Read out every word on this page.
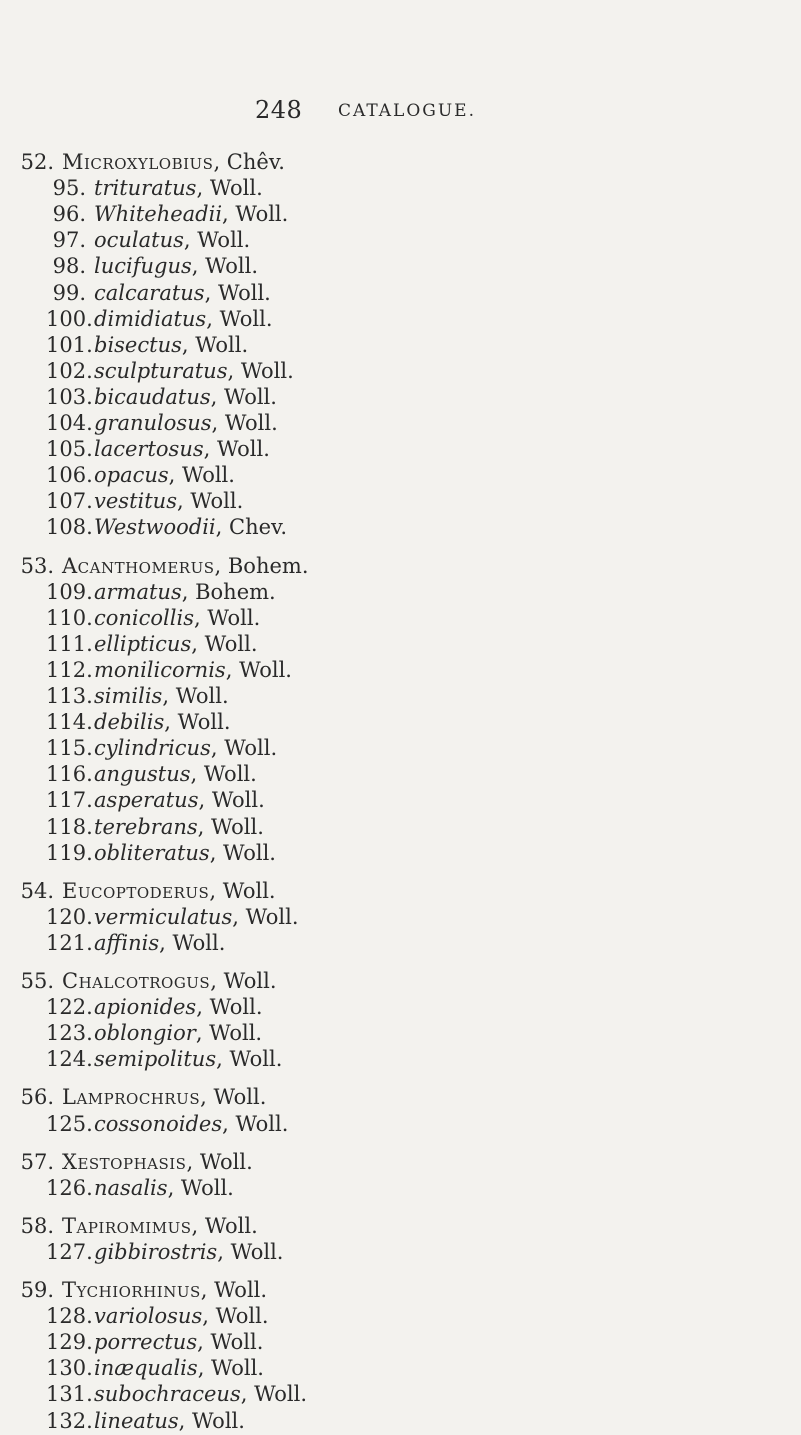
248 CATALOGUE.
52. Microxylobius, Chêv.
95. trituratus, Woll.
96. Whiteheadii, Woll.
97. oculatus, Woll.
98. lucifugus, Woll.
99. calcaratus, Woll.
100.dimidiatus, Woll.
101.bisectus, Woll.
102.sculpturatus, Woll.
103.bicaudatus, Woll.
104.granulosus, Woll.
105.lacertosus, Woll.
106.opacus, Woll.
107.vestitus, Woll.
108.Westwoodii, Chev.
53. Acanthomerus, Bohem.
109.armatus, Bohem.
110.conicollis, Woll.
111.ellipticus, Woll.
112.monilicornis, Woll.
113.similis, Woll.
114.debilis, Woll.
115.cylindricus, Woll.
116.angustus, Woll.
117.asperatus, Woll.
118.terebrans, Woll.
119.obliteratus, Woll.
54. Eucoptoderus, Woll.
120.vermiculatus, Woll.
121.affinis, Woll.
55. Chalcotrogus, Woll.
122.apionides, Woll.
123.oblongior, Woll.
124.semipolitus, Woll.
56. Lamprochrus, Woll.
125.cossonoides, Woll.
57. Xestophasis, Woll.
126.nasalis, Woll.
58. Tapiromimus, Woll.
127.gibbirostris, Woll.
59. Tychiorhinus, Woll.
128.variolosus, Woll.
129.porrectus, Woll.
130.inæqualis, Woll.
131.subochraceus, Woll.
132.lineatus, Woll.
